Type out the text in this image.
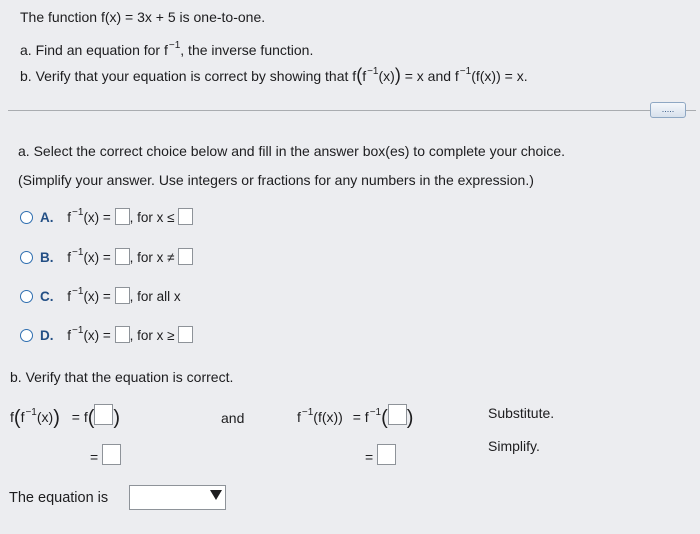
The function f(x) = 3x + 5 is one-to-one.
a. Find an equation for $f^{-1}$, the inverse function.
b. Verify that your equation is correct by showing that $f(f^{-1}(x)) = x$ and $f^{-1}(f(x)) = x$.
.....
a. Select the correct choice below and fill in the answer box(es) to complete your choice.
(Simplify your answer. Use integers or fractions for any numbers in the expression.)
A. $f^{-1}(x)$ = , for x ≤
B. $f^{-1}(x)$ = , for x ≠
C. $f^{-1}(x)$ = , for all x
D. $f^{-1}(x)$ = , for x ≥
b. Verify that the equation is correct.
$f(f^{-1}(x)) = f$( )
=
and	$f^{-1}(f(x)) = f^{-1}$( )
=
Substitute.
Simplify.
The equation is
